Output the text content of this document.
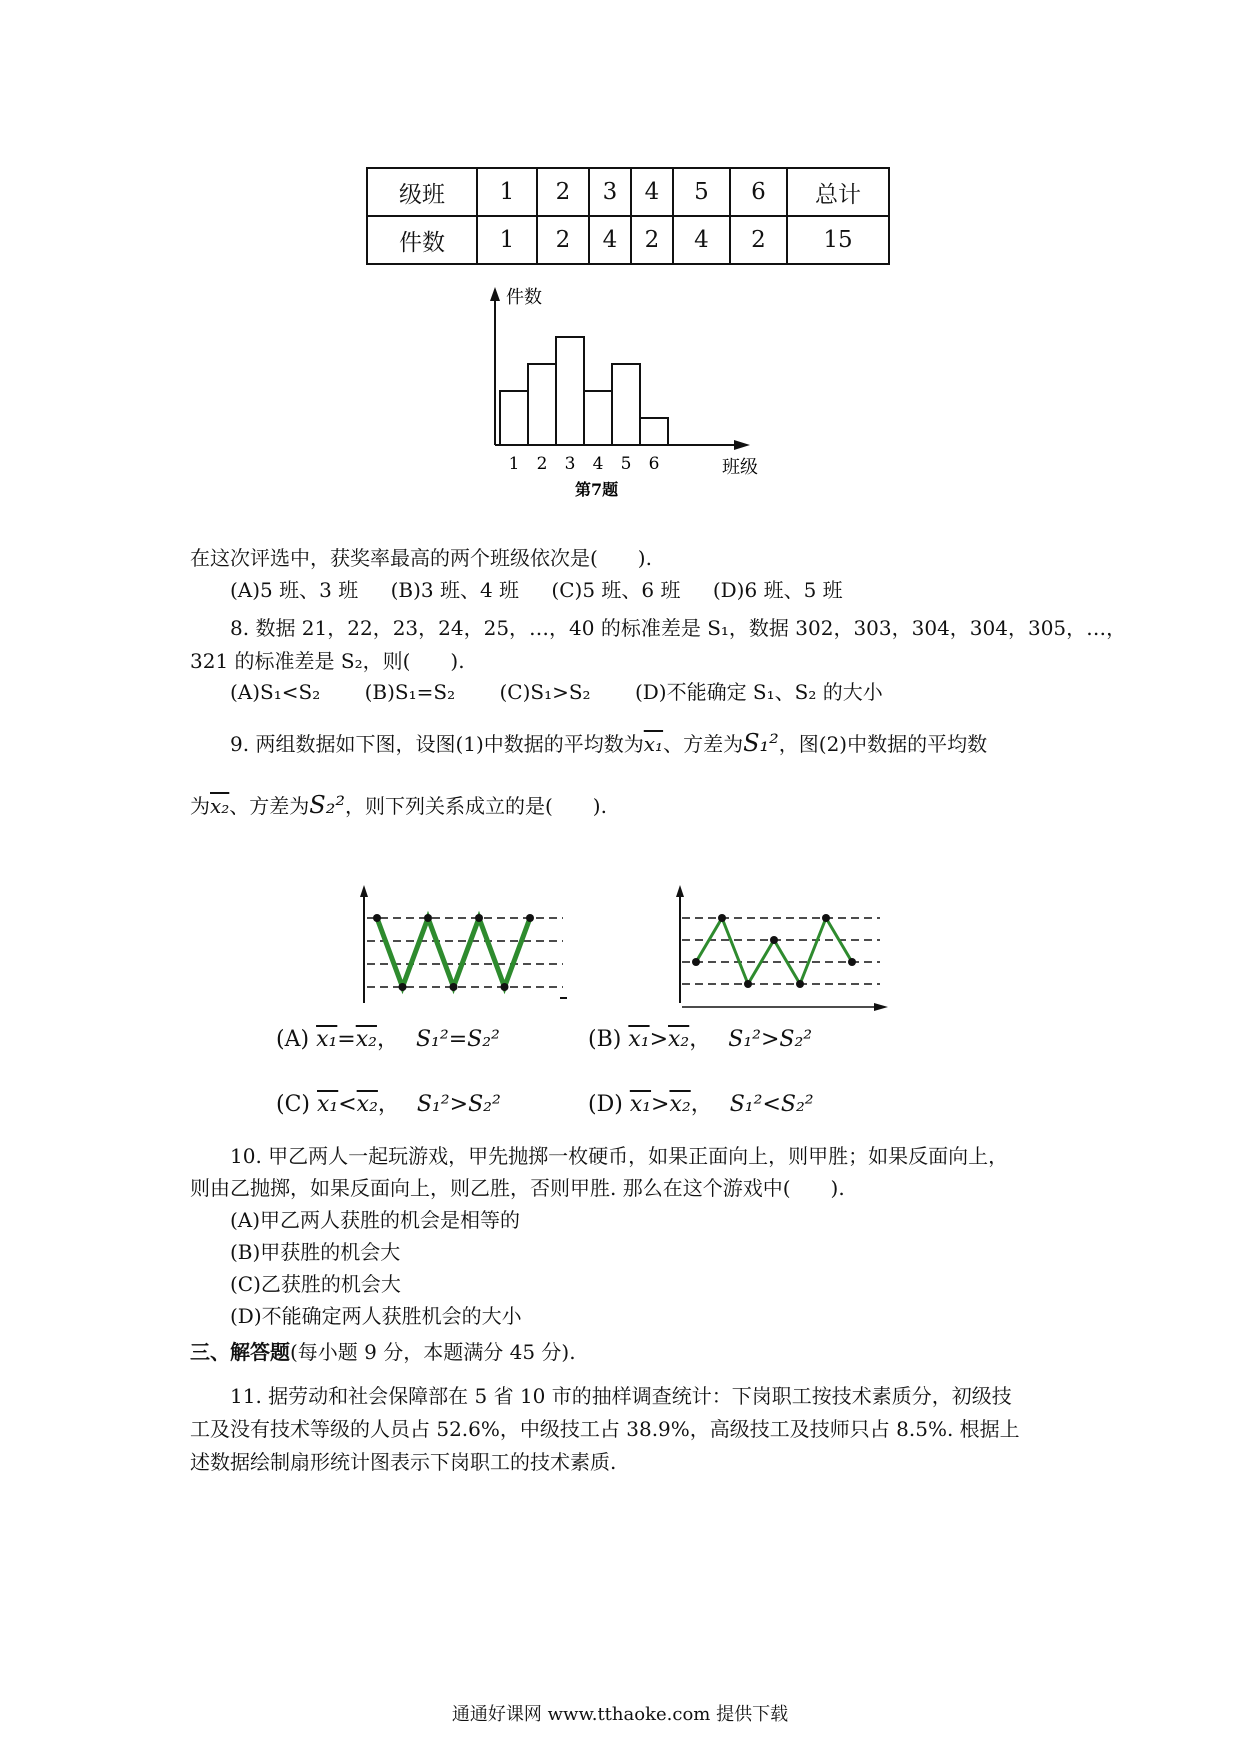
级班	1	2	3	4	5	6	总计
件数	1	2	4	2	4	2	15
件数
班级
第7题
1 2 3 4 5 6
在这次评选中，获奖率最高的两个班级依次是(　　).
(A)5 班、3 班 (B)3 班、4 班 (C)5 班、6 班 (D)6 班、5 班
8. 数据 21，22，23，24，25，…，40 的标准差是 S₁，数据 302，303，304，304，305，…，
321 的标准差是 S₂，则(　　).
(A)S₁<S₂ (B)S₁=S₂ (C)S₁>S₂ (D)不能确定 S₁、S₂ 的大小
9. 两组数据如下图，设图(1)中数据的平均数为x₁、方差为S₁²，图(2)中数据的平均数
为x₂、方差为S₂²，则下列关系成立的是(　　).
(A) x₁=x₂， S₁²=S₂²	(B) x₁>x₂， S₁²>S₂²
(C) x₁<x₂， S₁²>S₂²	(D) x₁>x₂， S₁²<S₂²
10. 甲乙两人一起玩游戏，甲先抛掷一枚硬币，如果正面向上，则甲胜；如果反面向上，
则由乙抛掷，如果反面向上，则乙胜，否则甲胜. 那么在这个游戏中(　　).
(A)甲乙两人获胜的机会是相等的
(B)甲获胜的机会大
(C)乙获胜的机会大
(D)不能确定两人获胜机会的大小
三、解答题(每小题 9 分，本题满分 45 分).
11. 据劳动和社会保障部在 5 省 10 市的抽样调查统计：下岗职工按技术素质分，初级技
工及没有技术等级的人员占 52.6%，中级技工占 38.9%，高级技工及技师只占 8.5%. 根据上
述数据绘制扇形统计图表示下岗职工的技术素质.
通通好课网 www.tthaoke.com 提供下载
